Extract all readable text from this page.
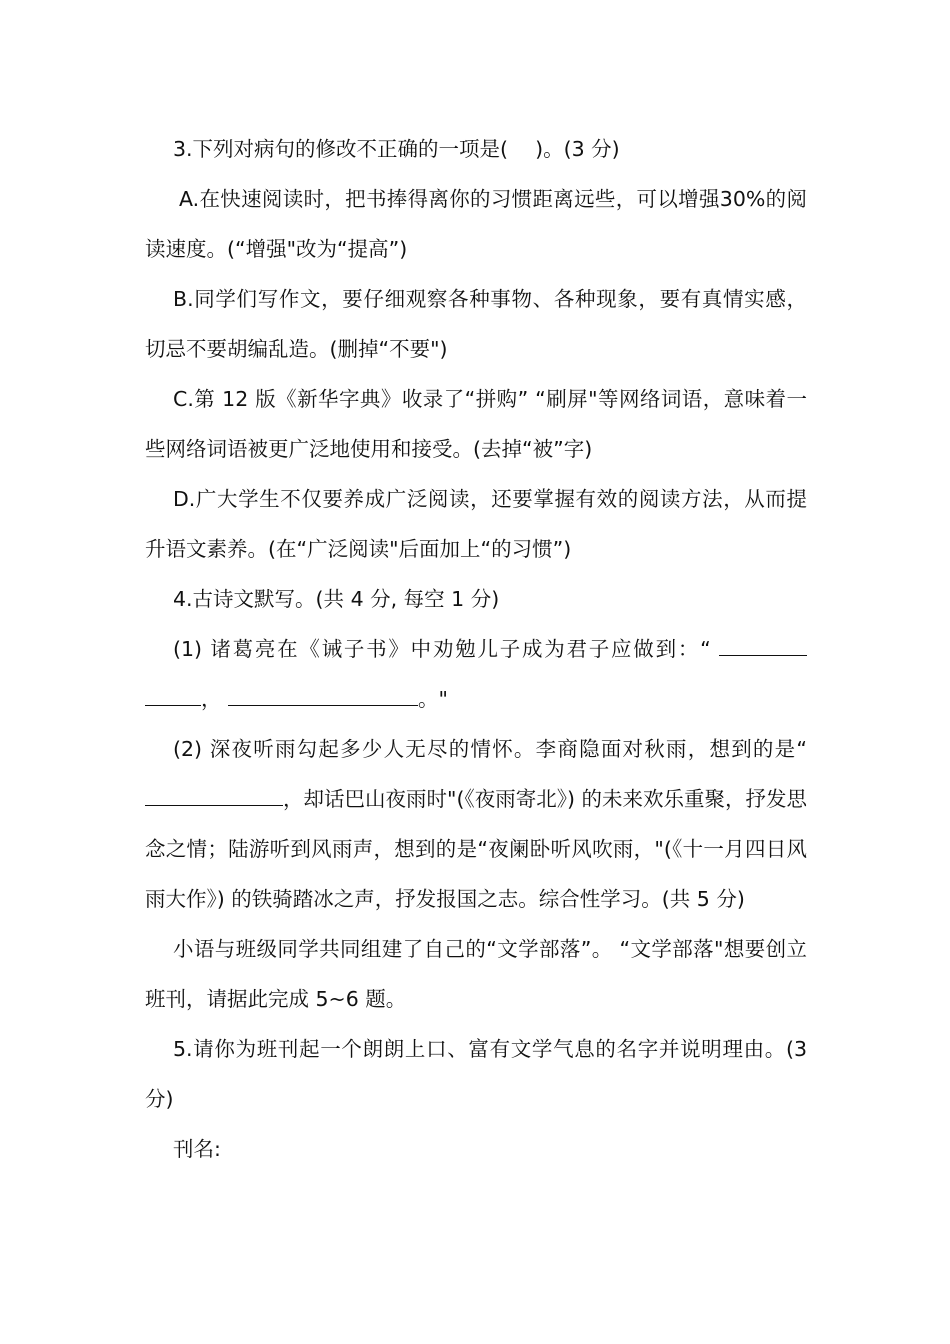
3.下列对病句的修改不正确的一项是(　 )。(3 分)

A.在快速阅读时，把书捧得离你的习惯距离远些，可以增强30%的阅读速度。(“增强"改为“提高”)

B.同学们写作文，要仔细观察各种事物、各种现象，要有真情实感，切忌不要胡编乱造。(删掉“不要")

C.第 12 版《新华字典》收录了“拼购” “刷屏"等网络词语，意味着一些网络词语被更广泛地使用和接受。(去掉“被”字)

D.广大学生不仅要养成广泛阅读，还要掌握有效的阅读方法，从而提升语文素养。(在“广泛阅读"后面加上“的习惯”)

4.古诗文默写。(共 4 分, 每空 1 分)

(1) 诸葛亮在《诫子书》中劝勉儿子成为君子应做到：“ ，	。"

(2) 深夜听雨勾起多少人无尽的情怀。李商隐面对秋雨，想到的是“ ，却话巴山夜雨时"(《夜雨寄北》) 的未来欢乐重聚，抒发思念之情；陆游听到风雨声，想到的是“夜阑卧听风吹雨，"(《十一月四日风雨大作》) 的铁骑踏冰之声，抒发报国之志。综合性学习。(共 5 分)

小语与班级同学共同组建了自己的“文学部落”。 “文学部落"想要创立班刊，请据此完成 5~6 题。

5.请你为班刊起一个朗朗上口、富有文学气息的名字并说明理由。(3 分)

刊名:
